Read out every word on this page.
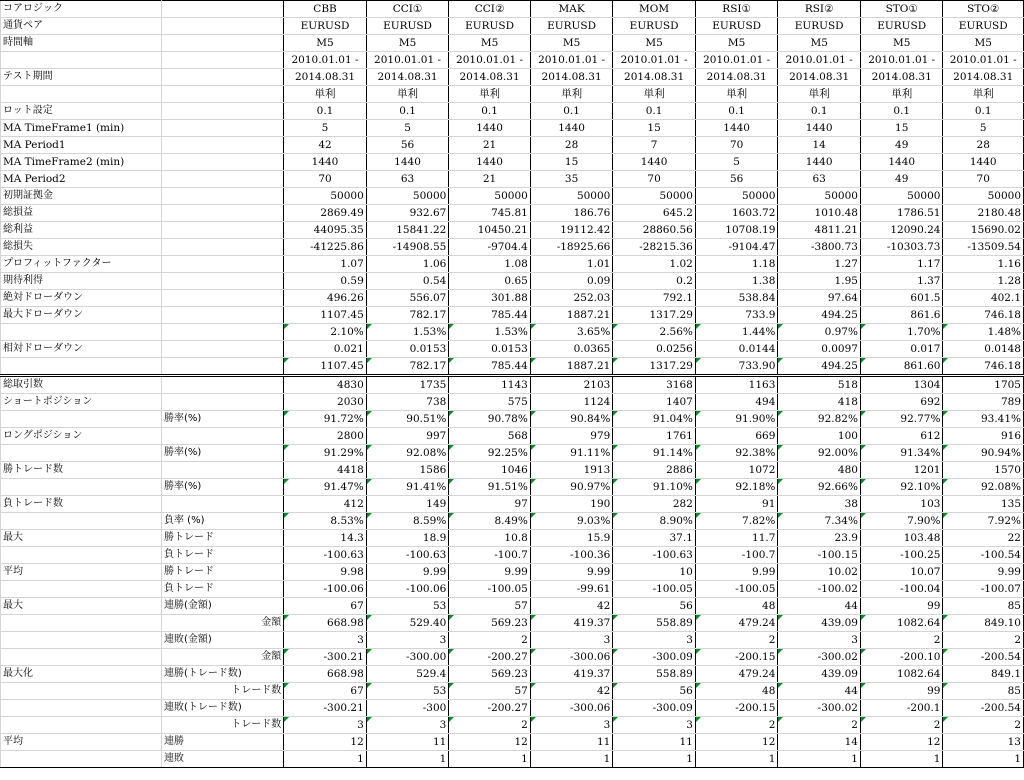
コアロジック		CBB	CCI①	CCI②	MAK	MOM	RSI①	RSI②	STO①	STO②
通貨ペア		EURUSD	EURUSD	EURUSD	EURUSD	EURUSD	EURUSD	EURUSD	EURUSD	EURUSD
時間軸		M5	M5	M5	M5	M5	M5	M5	M5	M5
		2010.01.01 -	2010.01.01 -	2010.01.01 -	2010.01.01 -	2010.01.01 -	2010.01.01 -	2010.01.01 -	2010.01.01 -	2010.01.01 -
テスト期間		2014.08.31	2014.08.31	2014.08.31	2014.08.31	2014.08.31	2014.08.31	2014.08.31	2014.08.31	2014.08.31
		単利	単利	単利	単利	単利	単利	単利	単利	単利
ロット設定		0.1	0.1	0.1	0.1	0.1	0.1	0.1	0.1	0.1
MA TimeFrame1 (min)		5	5	1440	1440	15	1440	1440	15	5
MA Period1		42	56	21	28	7	70	14	49	28
MA TimeFrame2 (min)		1440	1440	1440	15	1440	5	1440	1440	1440
MA Period2		70	63	21	35	70	56	63	49	70
初期証拠金		50000	50000	50000	50000	50000	50000	50000	50000	50000
総損益		2869.49	932.67	745.81	186.76	645.2	1603.72	1010.48	1786.51	2180.48
総利益		44095.35	15841.22	10450.21	19112.42	28860.56	10708.19	4811.21	12090.24	15690.02
総損失		-41225.86	-14908.55	-9704.4	-18925.66	-28215.36	-9104.47	-3800.73	-10303.73	-13509.54
プロフィットファクター		1.07	1.06	1.08	1.01	1.02	1.18	1.27	1.17	1.16
期待利得		0.59	0.54	0.65	0.09	0.2	1.38	1.95	1.37	1.28
絶対ドローダウン		496.26	556.07	301.88	252.03	792.1	538.84	97.64	601.5	402.1
最大ドローダウン		1107.45	782.17	785.44	1887.21	1317.29	733.9	494.25	861.6	746.18
		2.10%	1.53%	1.53%	3.65%	2.56%	1.44%	0.97%	1.70%	1.48%
相対ドローダウン		0.021	0.0153	0.0153	0.0365	0.0256	0.0144	0.0097	0.017	0.0148
		1107.45	782.17	785.44	1887.21	1317.29	733.90	494.25	861.60	746.18
総取引数		4830	1735	1143	2103	3168	1163	518	1304	1705
ショートポジション		2030	738	575	1124	1407	494	418	692	789
	勝率(%)	91.72%	90.51%	90.78%	90.84%	91.04%	91.90%	92.82%	92.77%	93.41%
ロングポジション		2800	997	568	979	1761	669	100	612	916
	勝率(%)	91.29%	92.08%	92.25%	91.11%	91.14%	92.38%	92.00%	91.34%	90.94%
勝トレード数		4418	1586	1046	1913	2886	1072	480	1201	1570
	勝率(%)	91.47%	91.41%	91.51%	90.97%	91.10%	92.18%	92.66%	92.10%	92.08%
負トレード数		412	149	97	190	282	91	38	103	135
	負率 (%)	8.53%	8.59%	8.49%	9.03%	8.90%	7.82%	7.34%	7.90%	7.92%
最大	勝トレード	14.3	18.9	10.8	15.9	37.1	11.7	23.9	103.48	22
	負トレード	-100.63	-100.63	-100.7	-100.36	-100.63	-100.7	-100.15	-100.25	-100.54
平均	勝トレード	9.98	9.99	9.99	9.99	10	9.99	10.02	10.07	9.99
	負トレード	-100.06	-100.06	-100.05	-99.61	-100.05	-100.05	-100.02	-100.04	-100.07
最大	連勝(金額)	67	53	57	42	56	48	44	99	85
	金額	668.98	529.40	569.23	419.37	558.89	479.24	439.09	1082.64	849.10
	連敗(金額)	3	3	2	3	3	2	3	2	2
	金額	-300.21	-300.00	-200.27	-300.06	-300.09	-200.15	-300.02	-200.10	-200.54
最大化	連勝(トレード数)	668.98	529.4	569.23	419.37	558.89	479.24	439.09	1082.64	849.1
	トレード数	67	53	57	42	56	48	44	99	85
	連敗(トレード数)	-300.21	-300	-200.27	-300.06	-300.09	-200.15	-300.02	-200.1	-200.54
	トレード数	3	3	2	3	3	2	2	2	2
平均	連勝	12	11	12	11	11	12	14	12	13
	連敗	1	1	1	1	1	1	1	1	1
